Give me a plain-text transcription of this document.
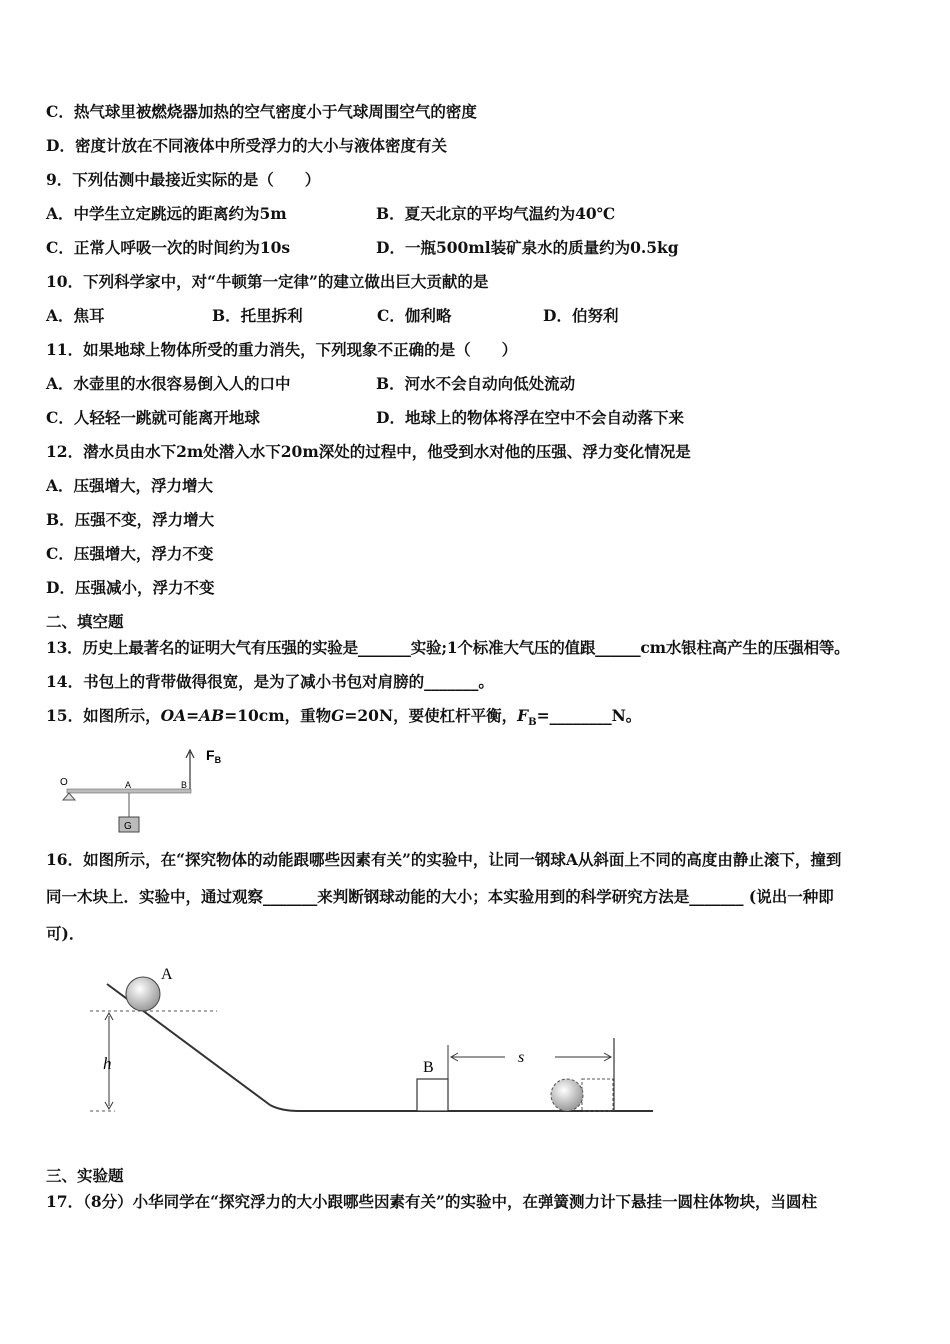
C．热气球里被燃烧器加热的空气密度小于气球周围空气的密度
D．密度计放在不同液体中所受浮力的大小与液体密度有关
9．下列估测中最接近实际的是（　　）
A．中学生立定跳远的距离约为5m	B．夏天北京的平均气温约为40℃
C．正常人呼吸一次的时间约为10s	D．一瓶500ml装矿泉水的质量约为0.5kg
10．下列科学家中，对“牛顿第一定律”的建立做出巨大贡献的是
A．焦耳	B．托里拆利	C．伽利略	D．伯努利
11．如果地球上物体所受的重力消失，下列现象不正确的是（　　）
A．水壶里的水很容易倒入人的口中	B．河水不会自动向低处流动
C．人轻轻一跳就可能离开地球	D．地球上的物体将浮在空中不会自动落下来
12．潜水员由水下2m处潜入水下20m深处的过程中，他受到水对他的压强、浮力变化情况是
A．压强增大，浮力增大
B．压强不变，浮力增大
C．压强增大，浮力不变
D．压强减小，浮力不变
二、填空题
13．历史上最著名的证明大气有压强的实验是_______实验;1个标准大气压的值跟______cm水银柱高产生的压强相等。
14．书包上的背带做得很宽，是为了减小书包对肩膀的_______。
15．如图所示，OA=AB=10cm，重物G=20N，要使杠杆平衡，$F_B=\_\_\_\_\_\_\_\_N$。
$F_B$
O	A	B
G
16．如图所示，在“探究物体的动能跟哪些因素有关”的实验中，让同一钢球A从斜面上不同的高度由静止滚下，撞到
同一木块上．实验中，通过观察_______来判断钢球动能的大小；本实验用到的科学研究方法是_______ (说出一种即
可)．
A
h	B
s
三、实验题
17．（8分）小华同学在“探究浮力的大小跟哪些因素有关”的实验中，在弹簧测力计下悬挂一圆柱体物块，当圆柱
